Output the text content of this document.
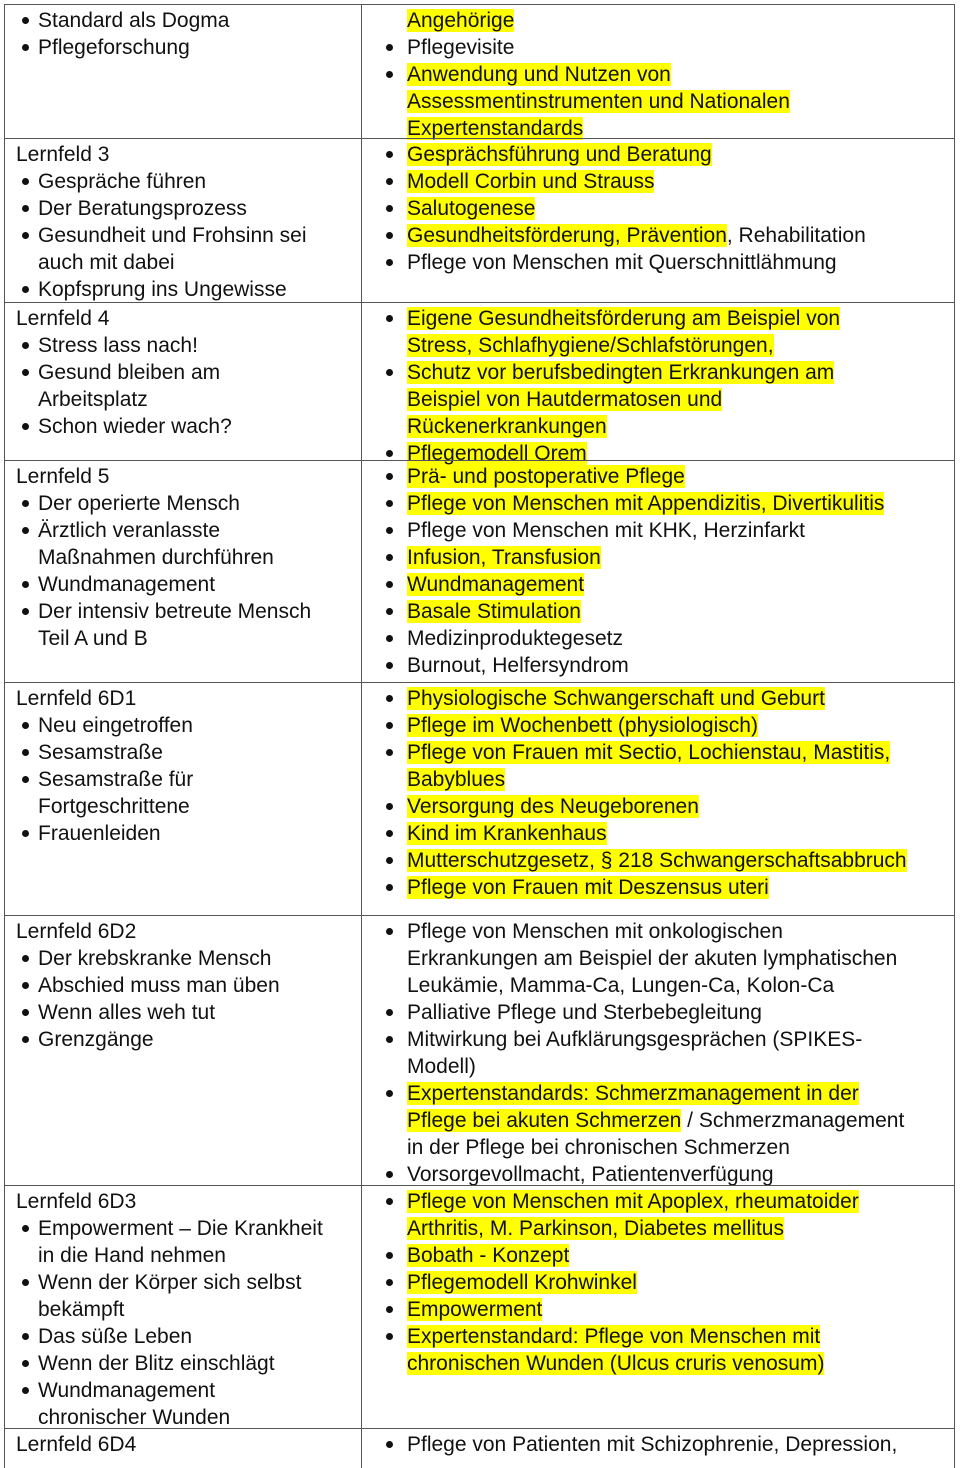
Standard als Dogma
Pflegeforschung
Angehörige
Pflegevisite
Anwendung und Nutzen von
Assessmentinstrumenten und Nationalen
Expertenstandards
Lernfeld 3
Gespräche führen
Der Beratungsprozess
Gesundheit und Frohsinn sei
auch mit dabei
Kopfsprung ins Ungewisse
Gesprächsführung und Beratung
Modell Corbin und Strauss
Salutogenese
Gesundheitsförderung, Prävention, Rehabilitation
Pflege von Menschen mit Querschnittlähmung
Lernfeld 4
Stress lass nach!
Gesund bleiben am
Arbeitsplatz
Schon wieder wach?
Eigene Gesundheitsförderung am Beispiel von
Stress, Schlafhygiene/Schlafstörungen,
Schutz vor berufsbedingten Erkrankungen am
Beispiel von Hautdermatosen und
Rückenerkrankungen
Pflegemodell Orem
Lernfeld 5
Der operierte Mensch
Ärztlich veranlasste
Maßnahmen durchführen
Wundmanagement
Der intensiv betreute Mensch
Teil A und B
Prä- und postoperative Pflege
Pflege von Menschen mit Appendizitis, Divertikulitis
Pflege von Menschen mit KHK, Herzinfarkt
Infusion, Transfusion
Wundmanagement
Basale Stimulation
Medizinproduktegesetz
Burnout, Helfersyndrom
Lernfeld 6D1
Neu eingetroffen
Sesamstraße
Sesamstraße für
Fortgeschrittene
Frauenleiden
Physiologische Schwangerschaft und Geburt
Pflege im Wochenbett (physiologisch)
Pflege von Frauen mit Sectio, Lochienstau, Mastitis,
Babyblues
Versorgung des Neugeborenen
Kind im Krankenhaus
Mutterschutzgesetz, § 218 Schwangerschaftsabbruch
Pflege von Frauen mit Deszensus uteri
Lernfeld 6D2
Der krebskranke Mensch
Abschied muss man üben
Wenn alles weh tut
Grenzgänge
Pflege von Menschen mit onkologischen
Erkrankungen am Beispiel der akuten lymphatischen
Leukämie, Mamma-Ca, Lungen-Ca, Kolon-Ca
Palliative Pflege und Sterbebegleitung
Mitwirkung bei Aufklärungsgesprächen (SPIKES-
Modell)
Expertenstandards: Schmerzmanagement in der
Pflege bei akuten Schmerzen / Schmerzmanagement
in der Pflege bei chronischen Schmerzen
Vorsorgevollmacht, Patientenverfügung
Lernfeld 6D3
Empowerment – Die Krankheit
in die Hand nehmen
Wenn der Körper sich selbst
bekämpft
Das süße Leben
Wenn der Blitz einschlägt
Wundmanagement
chronischer Wunden
Pflege von Menschen mit Apoplex, rheumatoider
Arthritis, M. Parkinson, Diabetes mellitus
Bobath - Konzept
Pflegemodell Krohwinkel
Empowerment
Expertenstandard: Pflege von Menschen mit
chronischen Wunden (Ulcus cruris venosum)
Lernfeld 6D4	Pflege von Patienten mit Schizophrenie, Depression,
